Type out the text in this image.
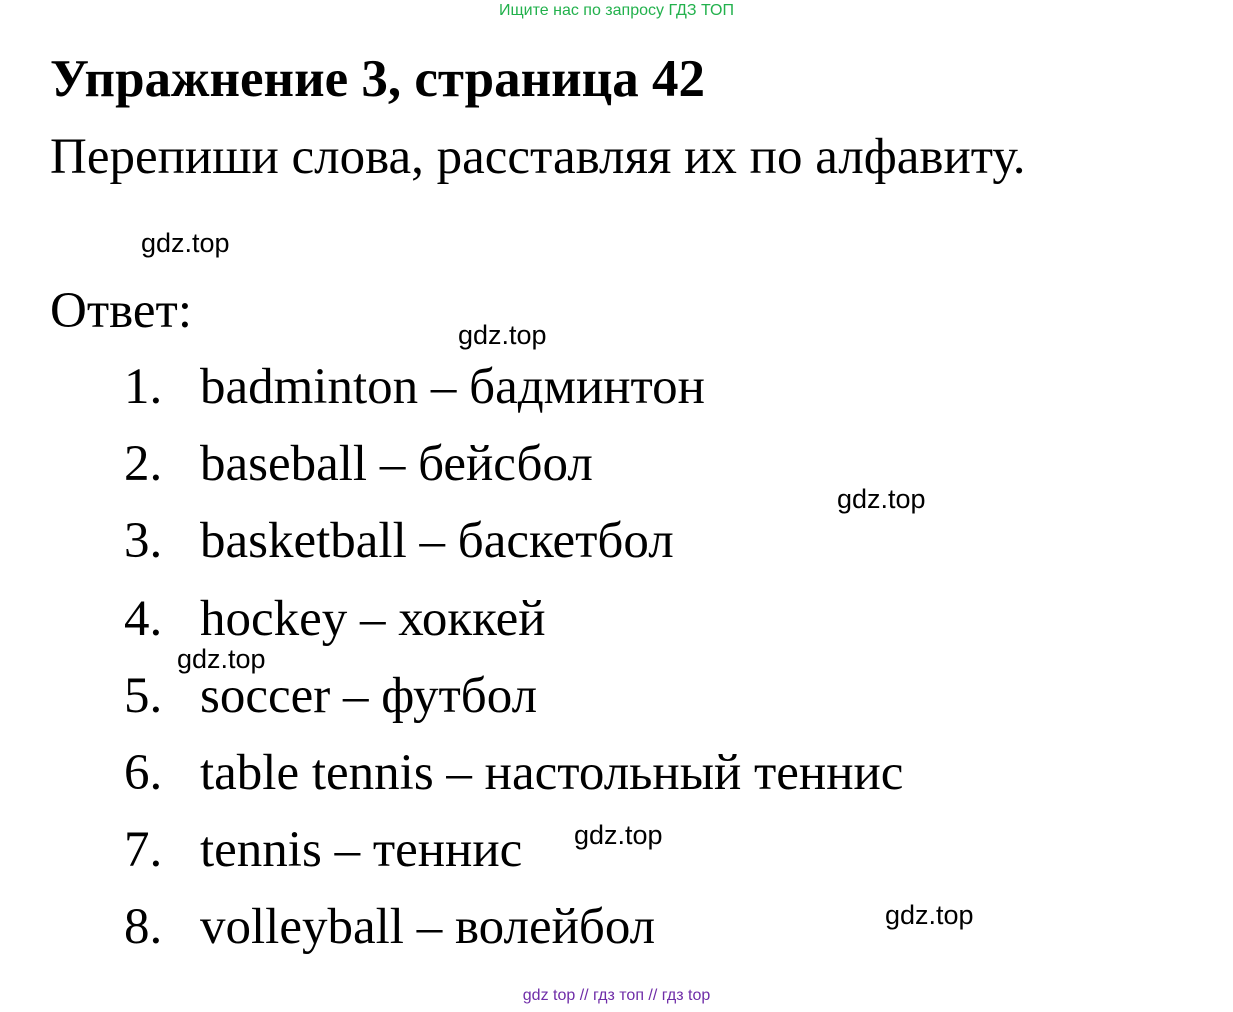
Ищите нас по запросу ГДЗ ТОП
Упражнение 3, страница 42
Перепиши слова, расставляя их по алфавиту.
Ответ:
1. badminton – бадминтон
2. baseball – бейсбол
3. basketball – баскетбол
4. hockey – хоккей
5. soccer – футбол
6. table tennis – настольный теннис
7. tennis – теннис
8. volleyball – волейбол
gdz.top
gdz.top
gdz.top
gdz.top
gdz.top
gdz.top
gdz top // гдз топ // гдз top
